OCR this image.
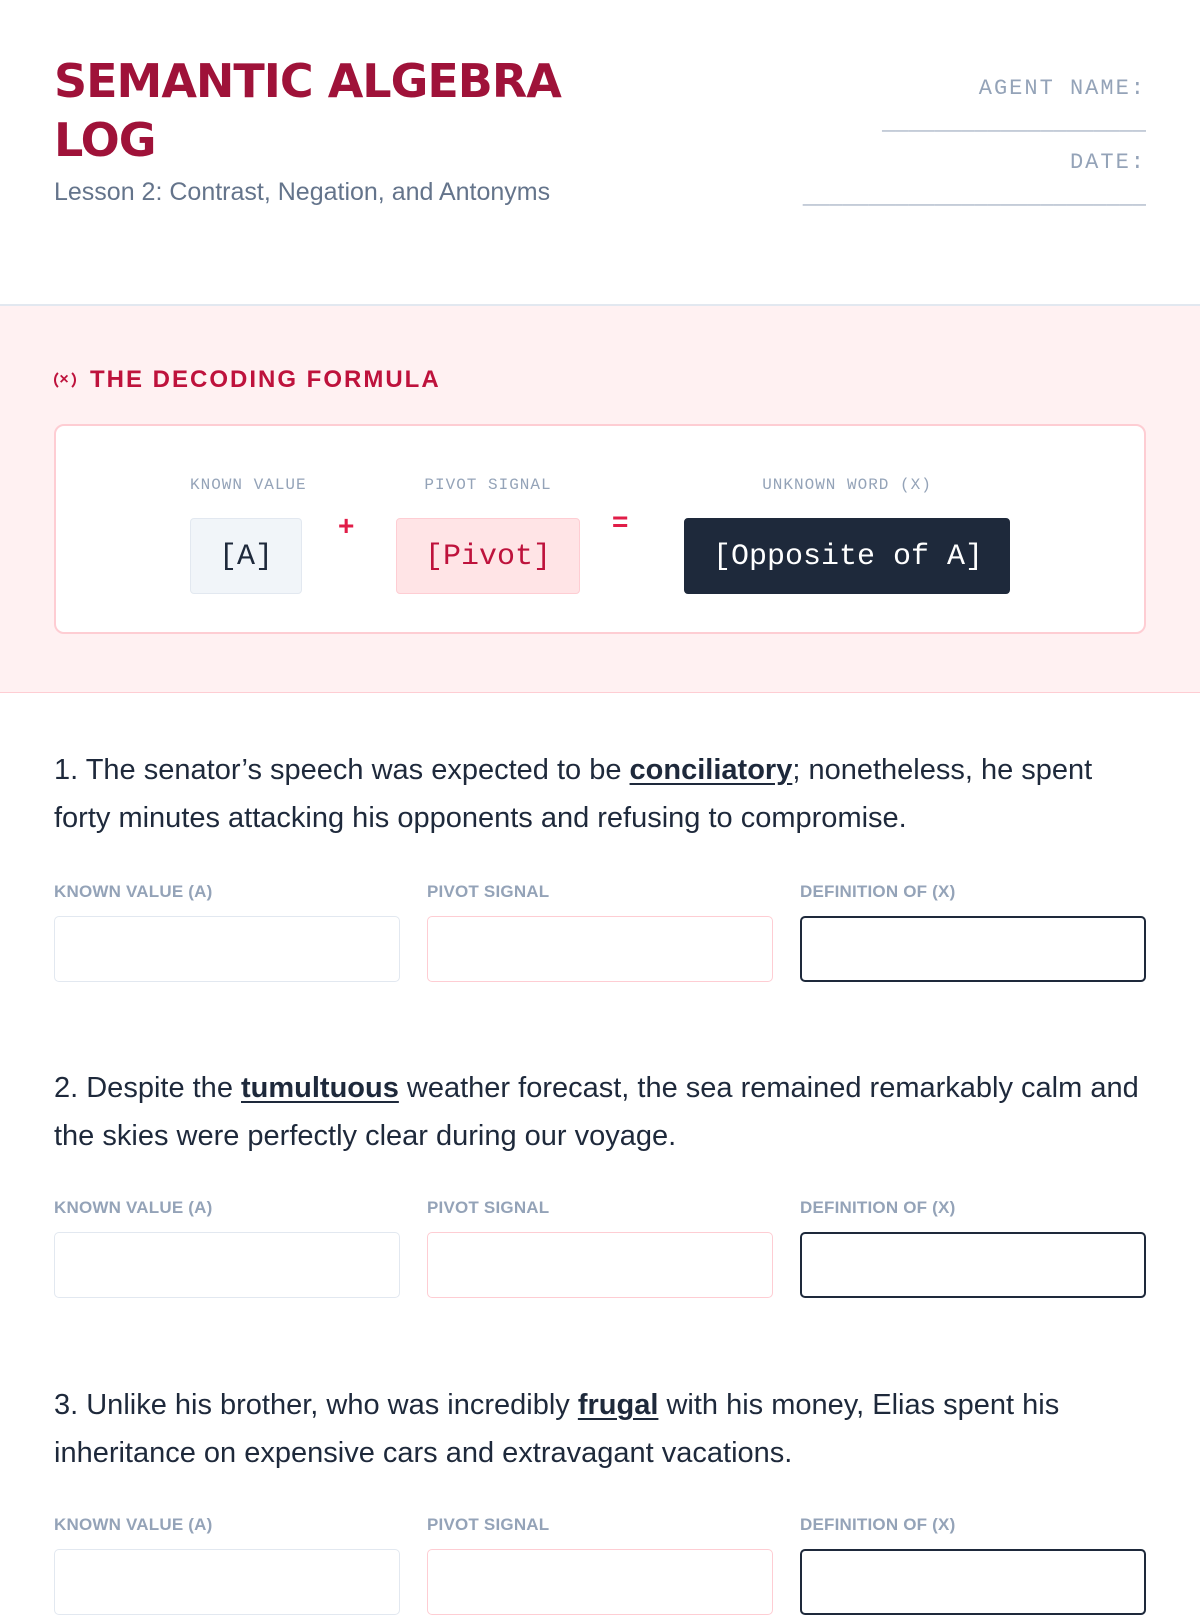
SEMANTIC ALGEBRA LOG

Lesson 2: Contrast, Negation, and Antonyms

AGENT NAME:
____________________
DATE:
__________________________
× THE DECODING FORMULA
KNOWN VALUE
[A]
+
PIVOT SIGNAL
[Pivot]
=
UNKNOWN WORD (X)
[Opposite of A]

1. The senator’s speech was expected to be conciliatory; nonetheless, he spent forty minutes attacking his opponents and refusing to compromise.

KNOWN VALUE (A)	PIVOT SIGNAL	DEFINITION OF (X)

2. Despite the tumultuous weather forecast, the sea remained remarkably calm and the skies were perfectly clear during our voyage.

KNOWN VALUE (A)	PIVOT SIGNAL	DEFINITION OF (X)

3. Unlike his brother, who was incredibly frugal with his money, Elias spent his inheritance on expensive cars and extravagant vacations.

KNOWN VALUE (A)	PIVOT SIGNAL	DEFINITION OF (X)
